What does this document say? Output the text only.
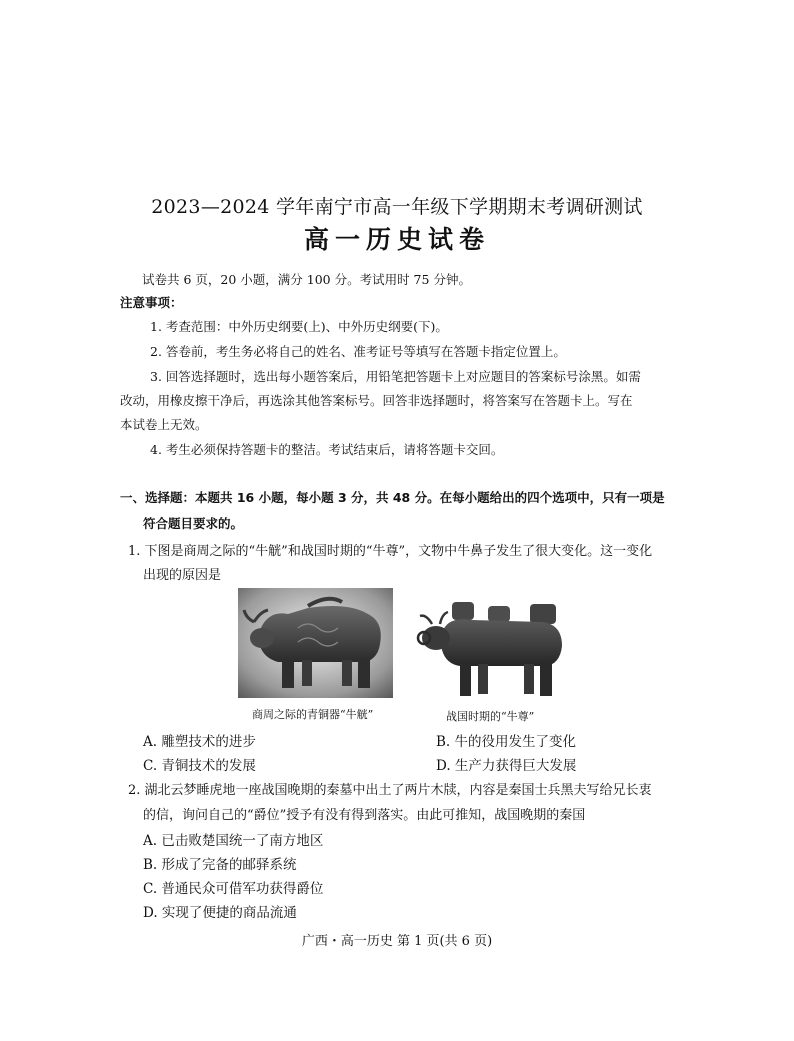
2023—2024 学年南宁市高一年级下学期期末考调研测试
高一历史试卷
试卷共 6 页，20 小题，满分 100 分。考试用时 75 分钟。
注意事项：
1. 考查范围：中外历史纲要(上)、中外历史纲要(下)。
2. 答卷前，考生务必将自己的姓名、准考证号等填写在答题卡指定位置上。
3. 回答选择题时，选出每小题答案后，用铅笔把答题卡上对应题目的答案标号涂黑。如需
改动，用橡皮擦干净后，再选涂其他答案标号。回答非选择题时，将答案写在答题卡上。写在
本试卷上无效。
4. 考生必须保持答题卡的整洁。考试结束后，请将答题卡交回。
一、选择题：本题共 16 小题，每小题 3 分，共 48 分。在每小题给出的四个选项中，只有一项是
符合题目要求的。
1. 下图是商周之际的“牛觥”和战国时期的“牛尊”，文物中牛鼻子发生了很大变化。这一变化
出现的原因是
商周之际的青铜器“牛觥”	战国时期的“牛尊”
A. 雕塑技术的进步	B. 牛的役用发生了变化
C. 青铜技术的发展	D. 生产力获得巨大发展
2. 湖北云梦睡虎地一座战国晚期的秦墓中出土了两片木牍，内容是秦国士兵黑夫写给兄长衷
的信，询问自己的“爵位”授予有没有得到落实。由此可推知，战国晚期的秦国
A. 已击败楚国统一了南方地区
B. 形成了完备的邮驿系统
C. 普通民众可借军功获得爵位
D. 实现了便捷的商品流通
广西・高一历史 第 1 页(共 6 页)
